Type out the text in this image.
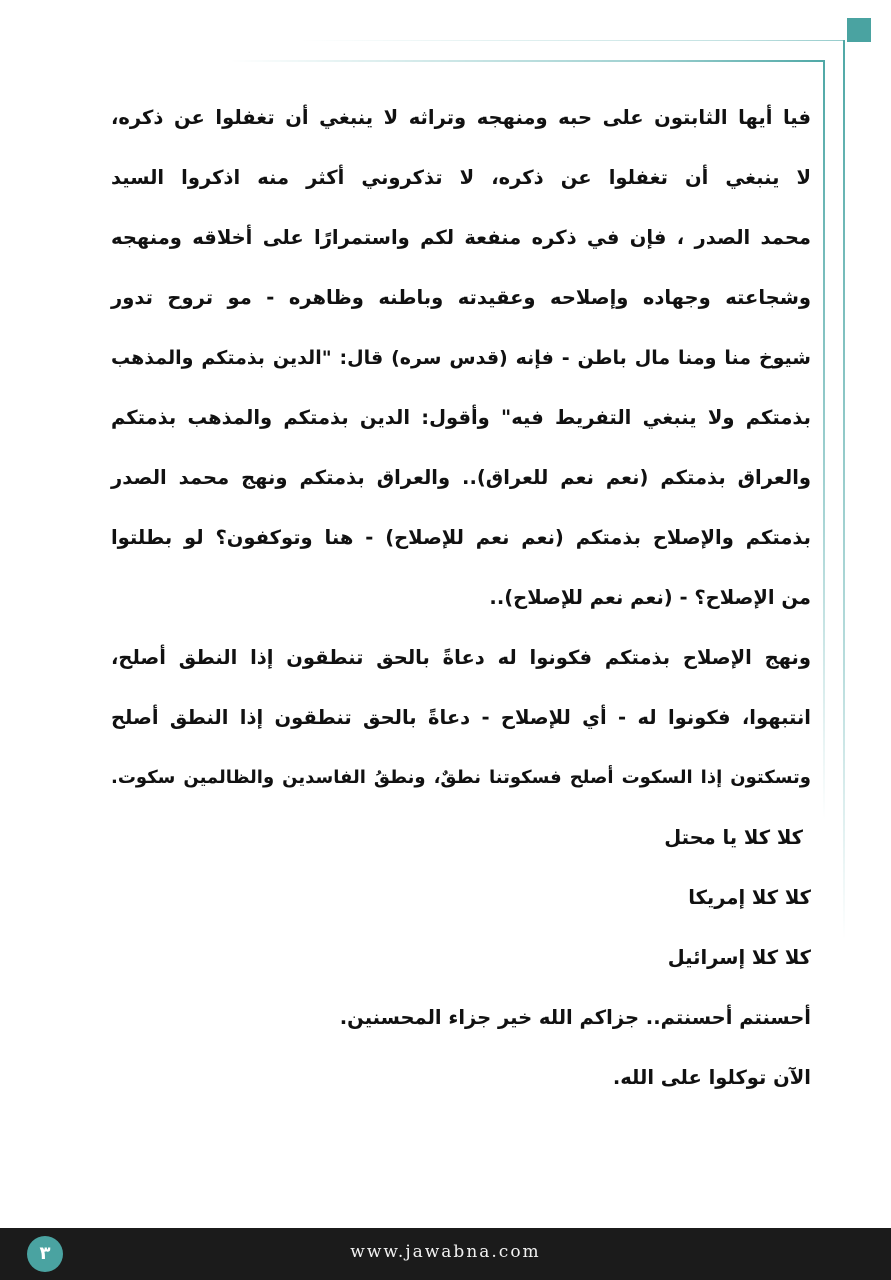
فيا أيها الثابتون على حبه ومنهجه وتراثه لا ينبغي أن تغفلوا عن ذكره،
لا ينبغي أن تغفلوا عن ذكره، لا تذكروني أكثر منه اذكروا السيد
محمد الصدر ، فإن في ذكره منفعة لكم واستمرارًا على أخلاقه ومنهجه
وشجاعته وجهاده وإصلاحه وعقيدته وباطنه وظاهره - مو تروح تدور
شيوخ منا ومنا مال باطن - فإنه (قدس سره) قال: "الدين بذمتكم والمذهب
بذمتكم ولا ينبغي التفريط فيه" وأقول: الدين بذمتكم والمذهب بذمتكم
والعراق بذمتكم (نعم نعم للعراق).. والعراق بذمتكم ونهج محمد الصدر
بذمتكم والإصلاح بذمتكم (نعم نعم للإصلاح) - هنا وتوكفون؟ لو بطلتوا
من الإصلاح؟ - (نعم نعم للإصلاح)..
ونهج الإصلاح بذمتكم فكونوا له دعاةً بالحق تنطقون إذا النطق أصلح،
انتبهوا، فكونوا له - أي للإصلاح - دعاةً بالحق تنطقون إذا النطق أصلح
وتسكتون إذا السكوت أصلح فسكوتنا نطقٌ، ونطقُ الفاسدين والظالمين سكوت.
كلا كلا يا محتل
كلا كلا إمريكا
كلا كلا إسرائيل
أحسنتم أحسنتم.. جزاكم الله خير جزاء المحسنين.
الآن توكلوا على الله.
٣	www.jawabna.com
